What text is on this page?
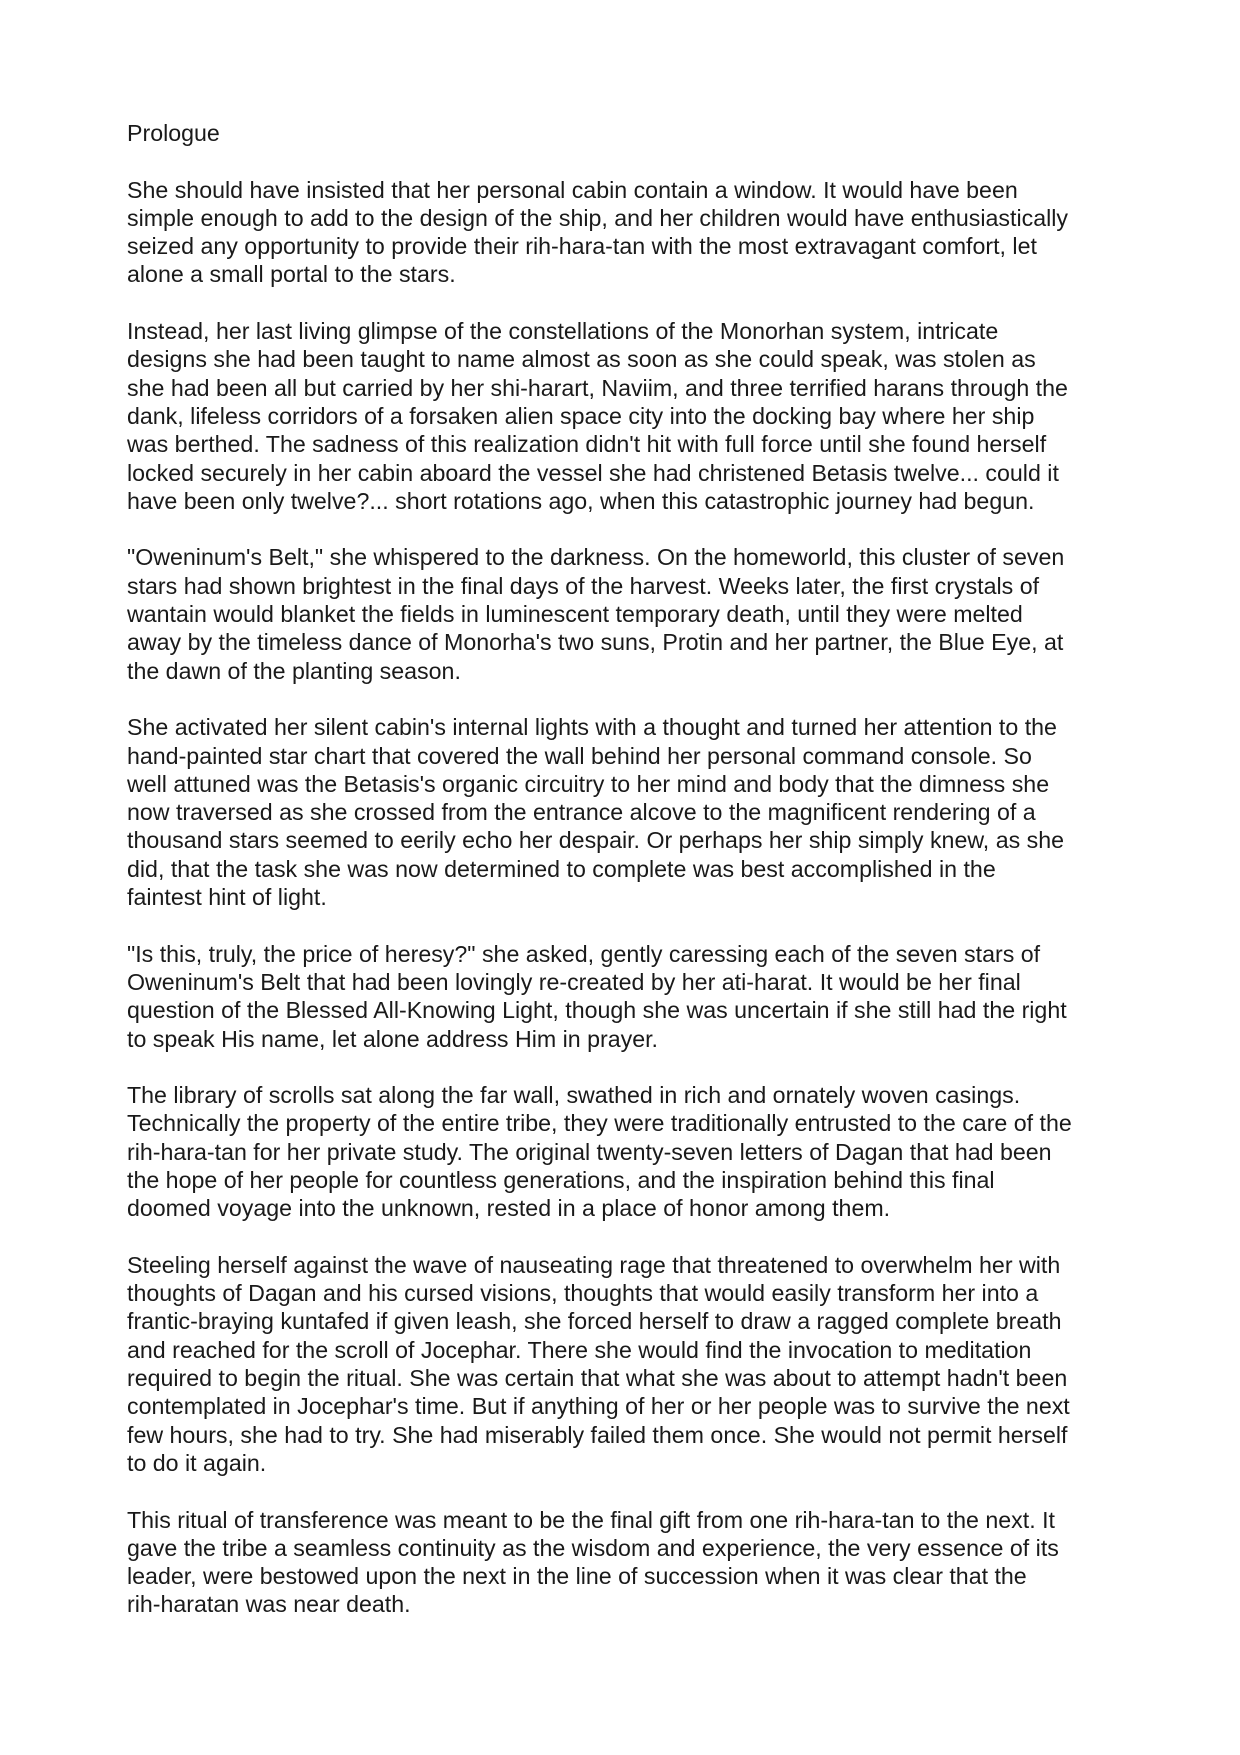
Prologue

She should have insisted that her personal cabin contain a window. It would have been
simple enough to add to the design of the ship, and her children would have enthusiastically
seized any opportunity to provide their rih-hara-tan with the most extravagant comfort, let
alone a small portal to the stars.

Instead, her last living glimpse of the constellations of the Monorhan system, intricate
designs she had been taught to name almost as soon as she could speak, was stolen as
she had been all but carried by her shi-harart, Naviim, and three terrified harans through the
dank, lifeless corridors of a forsaken alien space city into the docking bay where her ship
was berthed. The sadness of this realization didn't hit with full force until she found herself
locked securely in her cabin aboard the vessel she had christened Betasis twelve... could it
have been only twelve?... short rotations ago, when this catastrophic journey had begun.

"Oweninum's Belt," she whispered to the darkness. On the homeworld, this cluster of seven
stars had shown brightest in the final days of the harvest. Weeks later, the first crystals of
wantain would blanket the fields in luminescent temporary death, until they were melted
away by the timeless dance of Monorha's two suns, Protin and her partner, the Blue Eye, at
the dawn of the planting season.

She activated her silent cabin's internal lights with a thought and turned her attention to the
hand-painted star chart that covered the wall behind her personal command console. So
well attuned was the Betasis's organic circuitry to her mind and body that the dimness she
now traversed as she crossed from the entrance alcove to the magnificent rendering of a
thousand stars seemed to eerily echo her despair. Or perhaps her ship simply knew, as she
did, that the task she was now determined to complete was best accomplished in the
faintest hint of light.

"Is this, truly, the price of heresy?" she asked, gently caressing each of the seven stars of
Oweninum's Belt that had been lovingly re-created by her ati-harat. It would be her final
question of the Blessed All-Knowing Light, though she was uncertain if she still had the right
to speak His name, let alone address Him in prayer.

The library of scrolls sat along the far wall, swathed in rich and ornately woven casings.
Technically the property of the entire tribe, they were traditionally entrusted to the care of the
rih-hara-tan for her private study. The original twenty-seven letters of Dagan that had been
the hope of her people for countless generations, and the inspiration behind this final
doomed voyage into the unknown, rested in a place of honor among them.

Steeling herself against the wave of nauseating rage that threatened to overwhelm her with
thoughts of Dagan and his cursed visions, thoughts that would easily transform her into a
frantic-braying kuntafed if given leash, she forced herself to draw a ragged complete breath
and reached for the scroll of Jocephar. There she would find the invocation to meditation
required to begin the ritual. She was certain that what she was about to attempt hadn't been
contemplated in Jocephar's time. But if anything of her or her people was to survive the next
few hours, she had to try. She had miserably failed them once. She would not permit herself
to do it again.

This ritual of transference was meant to be the final gift from one rih-hara-tan to the next. It
gave the tribe a seamless continuity as the wisdom and experience, the very essence of its
leader, were bestowed upon the next in the line of succession when it was clear that the
rih-haratan was near death.
